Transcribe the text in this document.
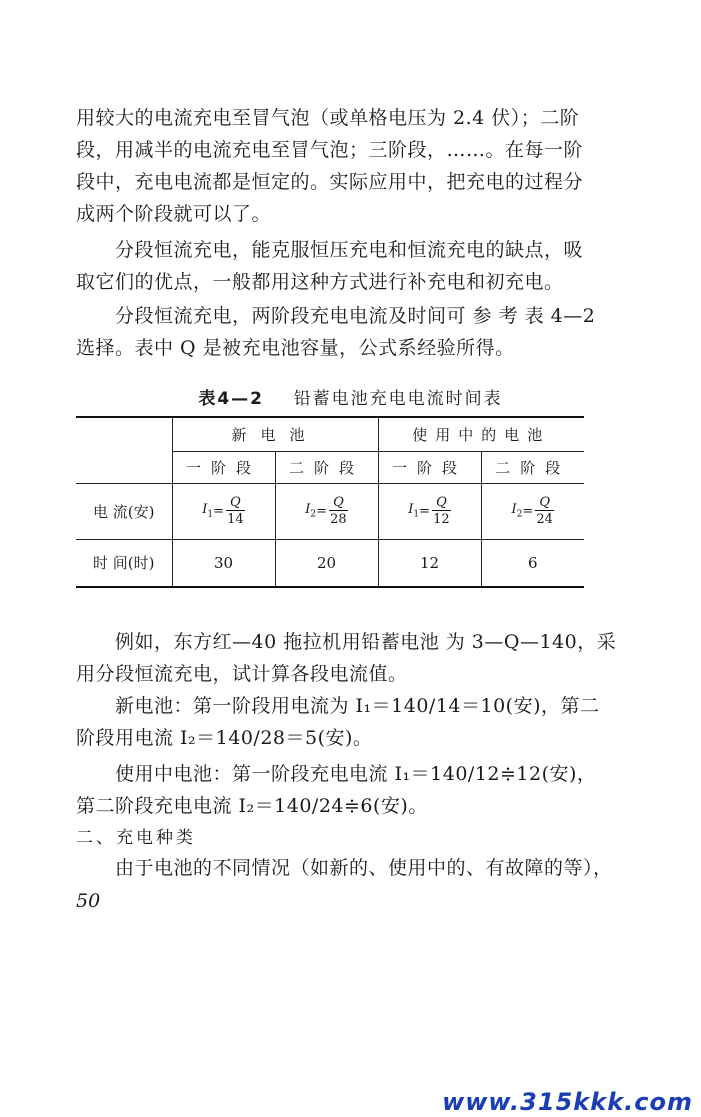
用较大的电流充电至冒气泡（或单格电压为 2.4 伏）；二阶
段，用减半的电流充电至冒气泡；三阶段，……。在每一阶
段中，充电电流都是恒定的。实际应用中，把充电的过程分
成两个阶段就可以了。

　　分段恒流充电，能克服恒压充电和恒流充电的缺点，吸
取它们的优点，一般都用这种方式进行补充电和初充电。

　　分段恒流充电，两阶段充电电流及时间可 参 考 表 4—2
选择。表中 Q 是被充电池容量，公式系经验所得。

表4—2 铅蓄电池充电电流时间表
	新电池		使用中的电池	
	一阶段	二阶段	一阶段	二阶段
电 流(安)	$I_1 = \frac{Q}{14}$	$I_2 = \frac{Q}{28}$	$I_1 = \frac{Q}{12}$	$I_2 = \frac{Q}{24}$

时 间(时)	30	20	12	6

　　例如，东方红—40 拖拉机用铅蓄电池 为 3—Q—140，采
用分段恒流充电，试计算各段电流值。

　　新电池：第一阶段用电流为 I₁＝140/14＝10(安)，第二
阶段用电流 I₂＝140/28＝5(安)。

　　使用中电池：第一阶段充电电流 I₁＝140/12≑12(安)，
第二阶段充电电流 I₂＝140/24≑6(安)。

二、充电种类

　　由于电池的不同情况（如新的、使用中的、有故障的等），

50
www.315kkk.com
